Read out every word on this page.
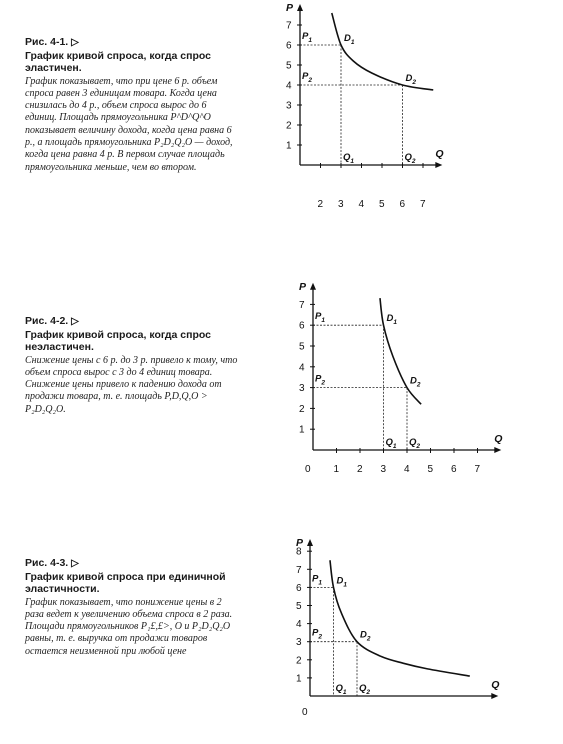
Рис. 4-1. ▷
График кривой спроса, когда спрос эластичен.
График показывает, что при цене 6 р. объем спроса равен 3 единицам товара. Когда цена снизилась до 4 р., объем спроса вырос до 6 единиц. Площадь прямоугольника P^D^Q^O показывает величину дохода, когда цена равна 6 р., а площадь прямоугольника P₂D₂Q₂O — доход, когда цена равна 4 р. В первом случае площадь прямоугольника меньше, чем во втором.
Q
P
1
2
3
4
5
6
7
2 3 4 5 6 7
$D_1$
$P_1$
$Q_1$
$D_2$
$P_2$
$Q_2$
Рис. 4-2. ▷
График кривой спроса, когда спрос неэластичен.
Снижение цены с 6 р. до 3 р. привело к тому, что объем спроса вырос с 3 до 4 единиц товара. Снижение цены привело к падению дохода от продажи товара, т. е. площадь P,D,Q,O > P₂D₂Q₂O.
Q
P
1
2
3
4
5
6
7
0 1 2 3 4 5 6 7
$D_1$
$P_1$
$Q_1$
$D_2$
$P_2$
$Q_2$
Рис. 4-3. ▷
График кривой спроса при единичной эластичности.
График показывает, что понижение цены в 2 раза ведет к увеличению объема спроса в 2 раза. Площади прямоугольников P₁£,£>, O и P₂D₂Q₂O равны, т. е. выручка от продажи товаров остается неизменной при любой цене
Q
P
1
2
3
4
5
6
7
8
0
$D_1$
$P_1$
$Q_1$
$D_2$
$P_2$
$Q_2$
